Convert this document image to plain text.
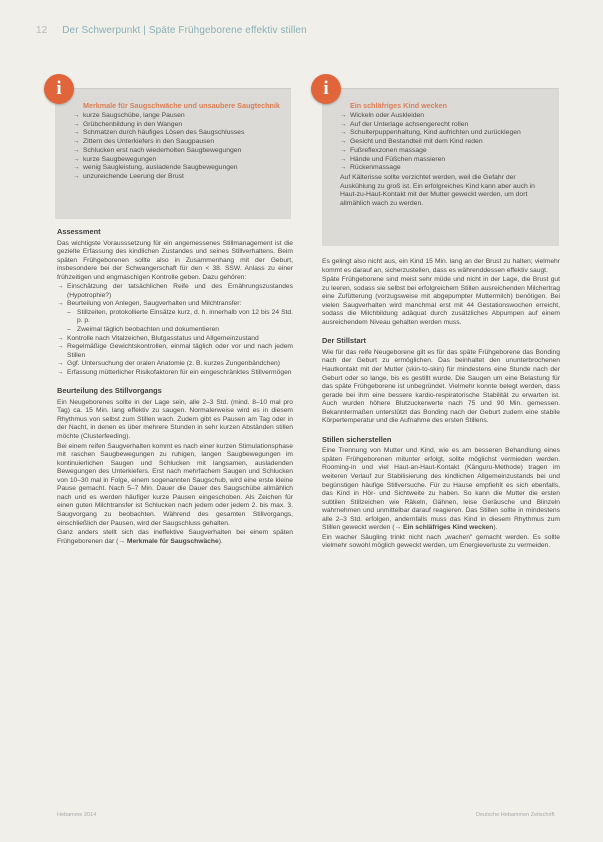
12 Der Schwerpunkt | Späte Frühgeborene effektiv stillen
Merkmale für Saugschwäche und unsaubere Saugtechnik
→ kurze Saugschübe, lange Pausen
→ Grübchenbildung in den Wangen
→ Schmatzen durch häufiges Lösen des Saugschlusses
→ Zittern des Unterkiefers in den Saugpausen
→ Schlucken erst nach wiederholten Saugbewegungen
→ kurze Saugbewegungen
→ wenig Saugleistung, ausladende Saugbewegungen
→ unzureichende Leerung der Brust
i
Ein schläfriges Kind wecken
→ Wickeln oder Auskleiden
→ Auf der Unterlage achsengerecht rollen
→ Schulterpuppenhaltung, Kind aufrichten und zurücklegen
→ Gesicht und Bestandteil mit dem Kind reden
→ Fußreflexzonen massage
→ Hände und Füßchen massieren
→ Rückenmassage

Auf Kälterisse sollte verzichtet werden, weil die Gefahr der Auskühlung zu groß ist. Ein erfolgreiches Kind kann aber auch in Haut-zu-Haut-Kontakt mit der Mutter geweckt werden, um dort allmählich wach zu werden.

i
Assessment

Das wichtigste Vorausssetzung für ein angemessenes Stillmanagement ist die gezielte Erfassung des kindlichen Zustandes und seines Stillverhaltens. Beim späten Frühgeborenen sollte also in Zusammenhang mit der Geburt, insbesondere bei der Schwangerschaft für den < 38. SSW. Anlass zu einer frühzeitigen und engmaschigen Kontrolle geben. Dazu gehören:

→ Einschätzung der tatsächlichen Reife und des Ernährungszustandes (Hypotrophie?)
→ Beurteilung von Anlegen, Saugverhalten und Milchtransfer:
– Stillzeiten, protokollierte Einsätze kurz, d. h. innerhalb von 12 bis 24 Std. p. p.
– Zweimal täglich beobachten und dokumentieren
→ Kontrolle nach Vitalzeichen, Blutgasstatus und Allgemeinzustand
→ Regelmäßige Gewichtskontrollen, einmal täglich oder vor und nach jedem Stillen
→ Ggf. Untersuchung der oralen Anatomie (z. B. kurzes Zungenbändchen)
→ Erfassung mütterlicher Risikofaktoren für ein eingeschränktes Stillvermögen
Beurteilung des Stillvorgangs

Ein Neugeborenes sollte in der Lage sein, alle 2–3 Std. (mind. 8–10 mal pro Tag) ca. 15 Min. lang effektiv zu saugen. Normalerweise wird es in diesem Rhythmus von selbst zum Stillen wach. Zudem gibt es Pausen am Tag oder in der Nacht, in denen es über mehrere Stunden in sehr kurzen Abständen stillen möchte (Clusterfeeding).

Bei einem reifen Saugverhalten kommt es nach einer kurzen Stimulationsphase mit raschen Saugbewegungen zu ruhigen, langen Saugbewegungen im kontinuierlichen Saugen und Schlucken mit langsamen, ausladenden Bewegungen des Unterkiefers. Erst nach mehrfachem Saugen und Schlucken von 10–30 mal in Folge, einem sogenannten Saugschub, wird eine erste kleine Pause gemacht. Nach 5–7 Min. Dauer die Dauer des Saugschübe allmählich nach und es werden häufiger kurze Pausen eingeschoben. Als Zeichen für einen guten Milchtransfer ist Schlucken nach jedem oder jedem 2. bis max. 3. Saugvorgang zu beobachten. Während des gesamten Stillvorgangs, einschließlich der Pausen, wird der Saugschluss gehalten.

Ganz anders stellt sich das ineffektive Saugverhalten bei einem späten Frühgeborenen dar (→ Merkmale für Saugschwäche).

Es gelingt also nicht aus, ein Kind 15 Min. lang an der Brust zu halten; vielmehr kommt es darauf an, sicherzustellen, dass es währenddessen effektiv saugt.

Späte Frühgeborene sind meist sehr müde und nicht in der Lage, die Brust gut zu leeren, sodass sie selbst bei erfolgreichem Stillen ausreichenden Milchertrag eine Zufütterung (vorzugsweise mit abgepumpter Muttermilch) benötigen. Bei vielen Saugverhalten wird manchmal erst mit 44 Gestationswochen erreicht, sodass die Milchbildung adäquat durch zusätzliches Abpumpen auf einem ausreichendem Niveau gehalten werden muss.

Der Stillstart

Wie für das reife Neugeborene gilt es für das späte Frühgeborene das Bonding nach der Geburt zu ermöglichen. Das beinhaltet den ununterbrochenen Hautkontakt mit der Mutter (skin-to-skin) für mindestens eine Stunde nach der Geburt oder so lange, bis es gestillt wurde. Die Saugen um eine Belastung für das späte Frühgeborene ist unbegründet. Vielmehr konnte belegt werden, dass gerade bei ihm eine bessere kardio-respiratorische Stabilität zu erwarten ist. Auch wurden höhere Blutzuckerwerte nach 75 und 90 Min. gemessen. Bekanntermaßen unterstützt das Bonding nach der Geburt zudem eine stabile Körpertemperatur und die Aufnahme des ersten Stillens.

Stillen sicherstellen

Eine Trennung von Mutter und Kind, wie es am besseren Behandlung eines späten Frühgeborenen mitunter erfolgt, sollte möglichst vermieden werden. Rooming-in und viel Haut-an-Haut-Kontakt (Känguru-Methode) tragen im weiteren Verlauf zur Stabilisierung des kindlichen Allgemeinzustands bei und begünstigen häufige Stillversuche. Für zu Hause empfiehlt es sich ebenfalls, das Kind in Hör- und Sichtweite zu haben. So kann die Mutter die ersten subtilen Stillzeichen wie Räkeln, Gähnen, leise Geräusche und Blinzeln wahrnehmen und unmittelbar darauf reagieren. Das Stillen sollte in mindestens alle 2–3 Std. erfolgen, andernfalls muss das Kind in diesem Rhythmus zum Stillen geweckt werden (→ Ein schläfriges Kind wecken).

Ein wacher Säugling trinkt nicht nach „wachen" gemacht werden. Es sollte vielmehr sowohl möglich geweckt werden, um Energieverluste zu vermeiden.

Hebamme 2014	Deutsche Hebammen Zeitschrift
